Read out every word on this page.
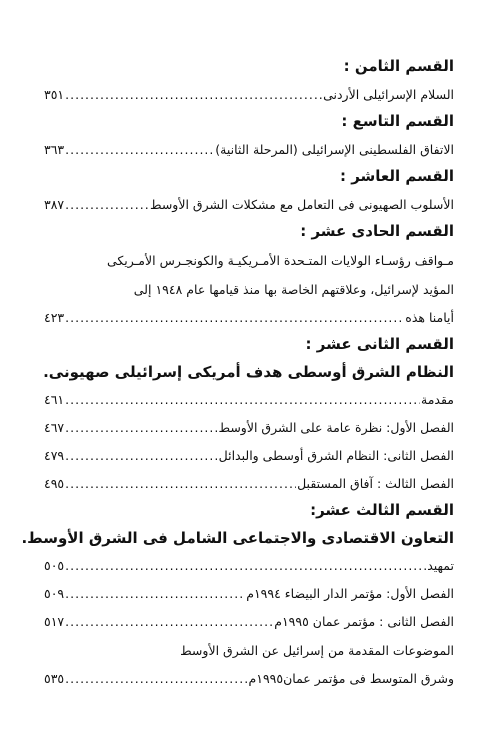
القسم الثامن :
السلام الإسرائيلى الأردنى
.....
٣٥١
القسم التاسع :
الاتفاق الفلسطينى الإسرائيلى (المرحلة الثانية)
.....
٣٦٣
القسم العاشر :
الأسلوب الصهيونى فى التعامل مع مشكلات الشرق الأوسط
.....
٣٨٧
القسم الحادى عشر :
مـواقف رؤسـاء الولايات المتـحدة الأمـريكيـة والكونجـرس الأمـريكى
المؤيد لإسرائيل، وعلاقتهم الخاصة بها منذ قيامها عام ١٩٤٨ إلى
أيامنا هذه
.....
٤٢٣
القسم الثانى عشر :
النظام الشرق أوسطى هدف أمريكى إسرائيلى صهيونى.
مقدمة
.....
٤٦١
الفصل الأول: نظرة عامة على الشرق الأوسط
.....
٤٦٧
الفصل الثانى: النظام الشرق أوسطى والبدائل
.....
٤٧٩
الفصل الثالث : آفاق المستقبل
.....
٤٩٥
القسم الثالث عشر:
التعاون الاقتصادى والاجتماعى الشامل فى الشرق الأوسط.
تمهيد
.....
٥٠٥
الفصل الأول: مؤتمر الدار البيضاء ١٩٩٤م
.....
٥٠٩
الفصل الثانى : مؤتمر عمان ١٩٩٥م
.....
٥١٧
الموضوعات المقدمة من إسرائيل عن الشرق الأوسط
وشرق المتوسط فى مؤتمر عمان١٩٩٥م
.....
٥٣٥
